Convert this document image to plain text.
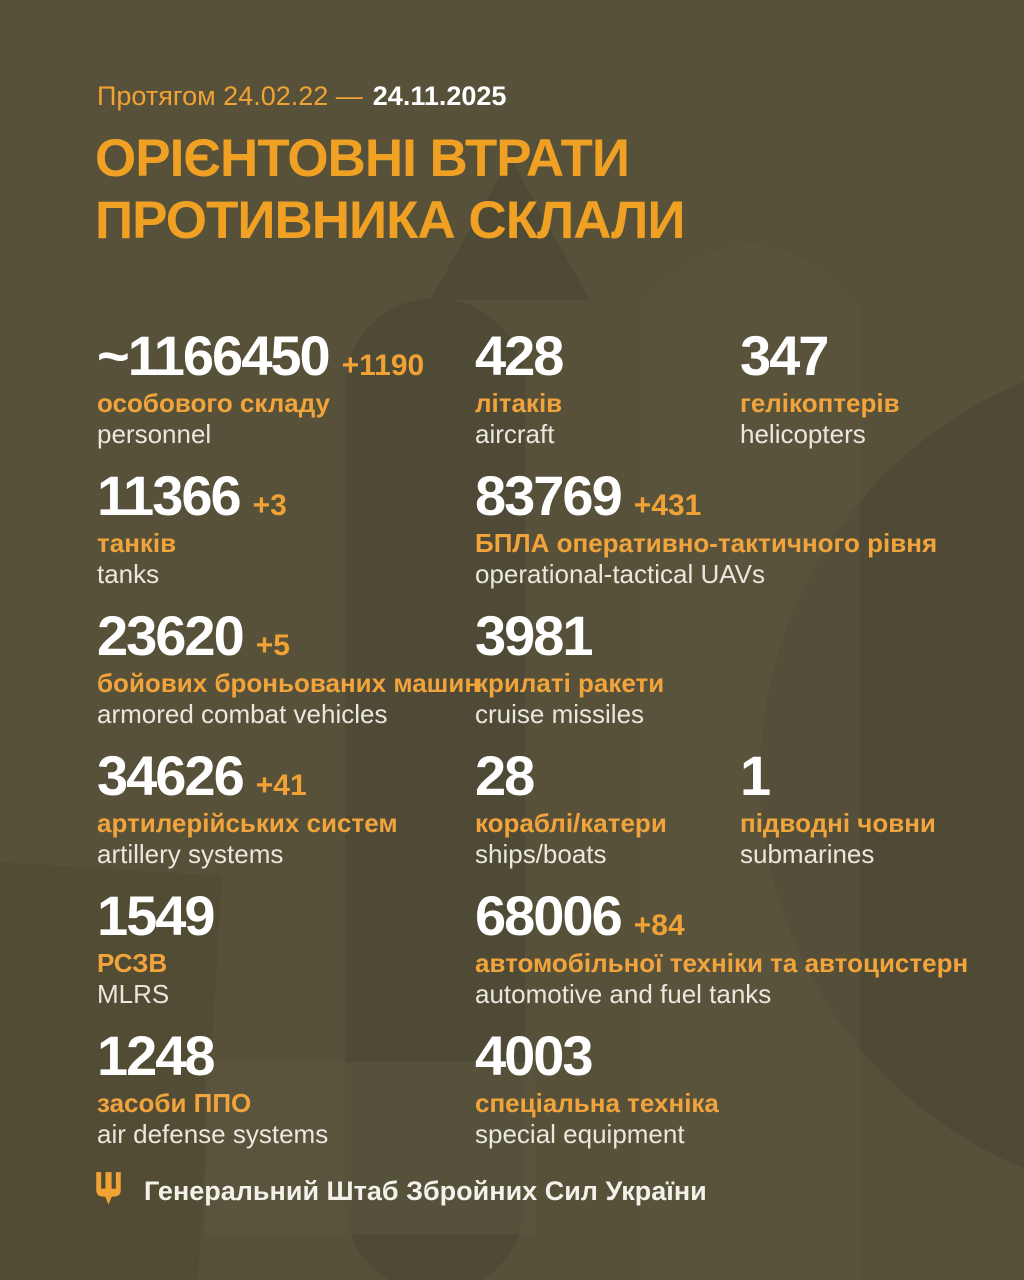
Протягом 24.02.22 — 24.11.2025
ОРІЄНТОВНІ ВТРАТИ
ПРОТИВНИКА СКЛАЛИ
~1166450 +1190
особового складу
personnel
428
літаків
aircraft
347
гелікоптерів
helicopters
11366 +3
танків
tanks
83769 +431
БПЛА оперативно-тактичного рівня
operational-tactical UAVs
23620 +5
бойових броньованих машин
armored combat vehicles
3981
крилаті ракети
cruise missiles
34626 +41
артилерійських систем
artillery systems
28
кораблі/катери
ships/boats
1
підводні човни
submarines
1549
РСЗВ
MLRS
68006 +84
автомобільної техніки та автоцистерн
automotive and fuel tanks
1248
засоби ППО
air defense systems
4003
спеціальна техніка
special equipment
Генеральний Штаб Збройних Сил України
